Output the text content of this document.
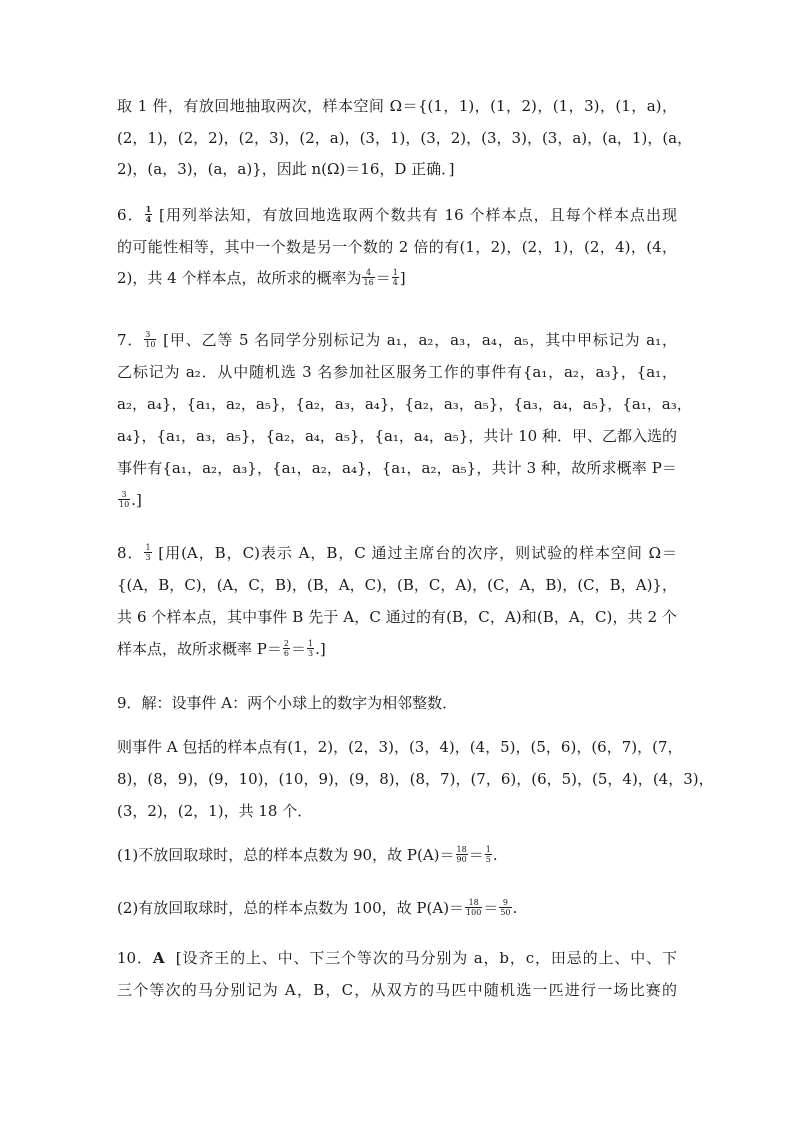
取 1 件，有放回地抽取两次，样本空间 Ω＝{(1，1)，(1，2)，(1，3)，(1，a)，
(2，1)，(2，2)，(2，3)，(2，a)，(3，1)，(3，2)，(3，3)，(3，a)，(a，1)，(a，
2)，(a，3)，(a，a)}，因此 n(Ω)＝16，D 正确．]
6． $\frac{1}{4}$ [用列举法知，有放回地选取两个数共有 16 个样本点，且每个样本点出现
的可能性相等，其中一个数是另一个数的 2 倍的有(1，2)，(2，1)，(2，4)，(4，
2)，共 4 个样本点，故所求的概率为 $\frac{4}{16} = \frac{1}{4}$ ]
7． $\frac{3}{10}$ [甲、乙等 5 名同学分别标记为 a₁，a₂，a₃，a₄，a₅，其中甲标记为 a₁，
乙标记为 a₂．从中随机选 3 名参加社区服务工作的事件有{a₁，a₂，a₃}，{a₁，
a₂，a₄}，{a₁，a₂，a₅}，{a₂，a₃，a₄}，{a₂，a₃，a₅}，{a₃，a₄，a₅}，{a₁，a₃，
a₄}，{a₁，a₃，a₅}，{a₂，a₄，a₅}，{a₁，a₄，a₅}，共计 10 种．甲、乙都入选的
事件有{a₁，a₂，a₃}，{a₁，a₂，a₄}，{a₁，a₂，a₅}，共计 3 种，故所求概率 P＝
$\frac{3}{10}$ .]
8． $\frac{1}{3}$ [用(A，B，C)表示 A，B，C 通过主席台的次序，则试验的样本空间 Ω＝
{(A，B，C)，(A，C，B)，(B，A，C)，(B，C，A)，(C，A，B)，(C，B，A)}，
共 6 个样本点，其中事件 B 先于 A，C 通过的有(B，C，A)和(B，A，C)，共 2 个
样本点，故所求概率 $P= \frac{2}{6} = \frac{1}{3}$ .]
9．解：设事件 A：两个小球上的数字为相邻整数．
则事件 A 包括的样本点有(1，2)，(2，3)，(3，4)，(4，5)，(5，6)，(6，7)，(7，
8)，(8，9)，(9，10)，(10，9)，(9，8)，(8，7)，(7，6)，(6，5)，(5，4)，(4，3)，
(3，2)，(2，1)，共 18 个．
(1)不放回取球时，总的样本点数为 90，故 $P(A)= \frac{18}{90} = \frac{1}{5}$ .
(2)有放回取球时，总的样本点数为 100，故 $P(A)= \frac{18}{100} = \frac{9}{50}$ .
10．A [设齐王的上、中、下三个等次的马分别为 a，b，c，田忌的上、中、下
三个等次的马分别记为 A，B，C，从双方的马匹中随机选一匹进行一场比赛的
